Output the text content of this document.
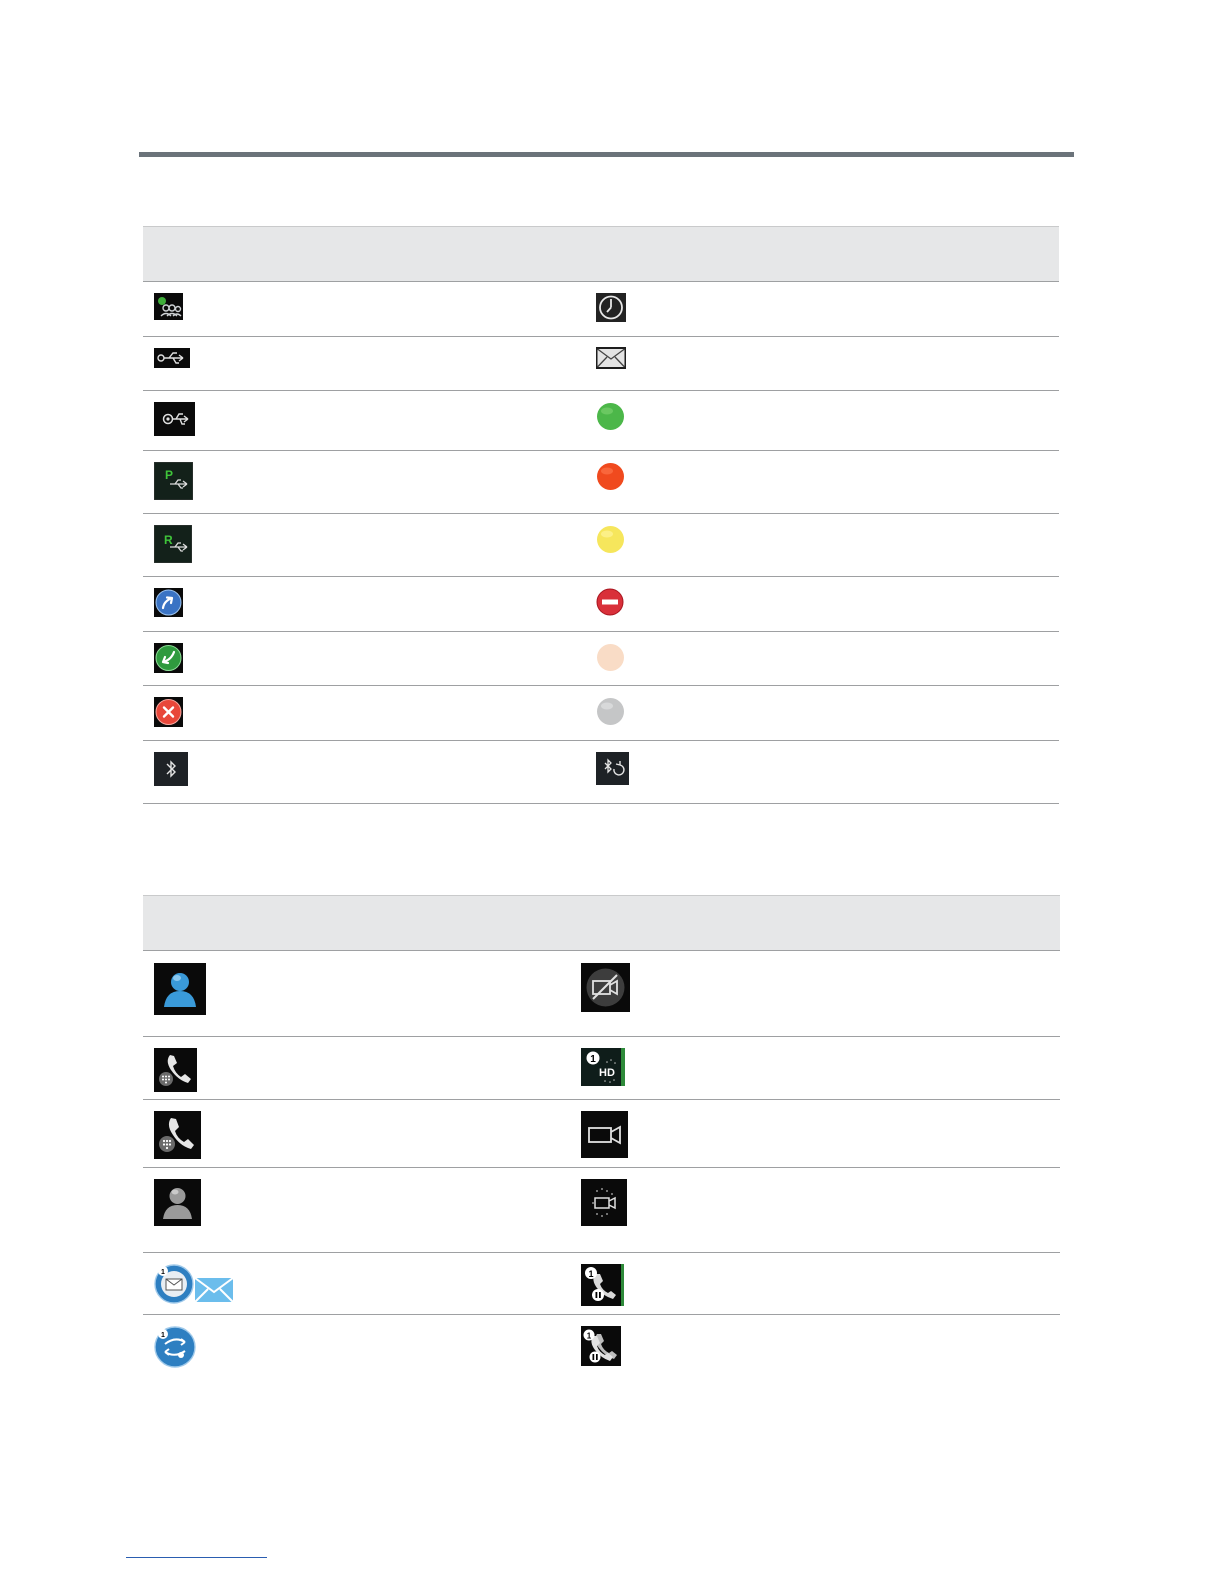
P
R
1
HD
1	1
1	1
